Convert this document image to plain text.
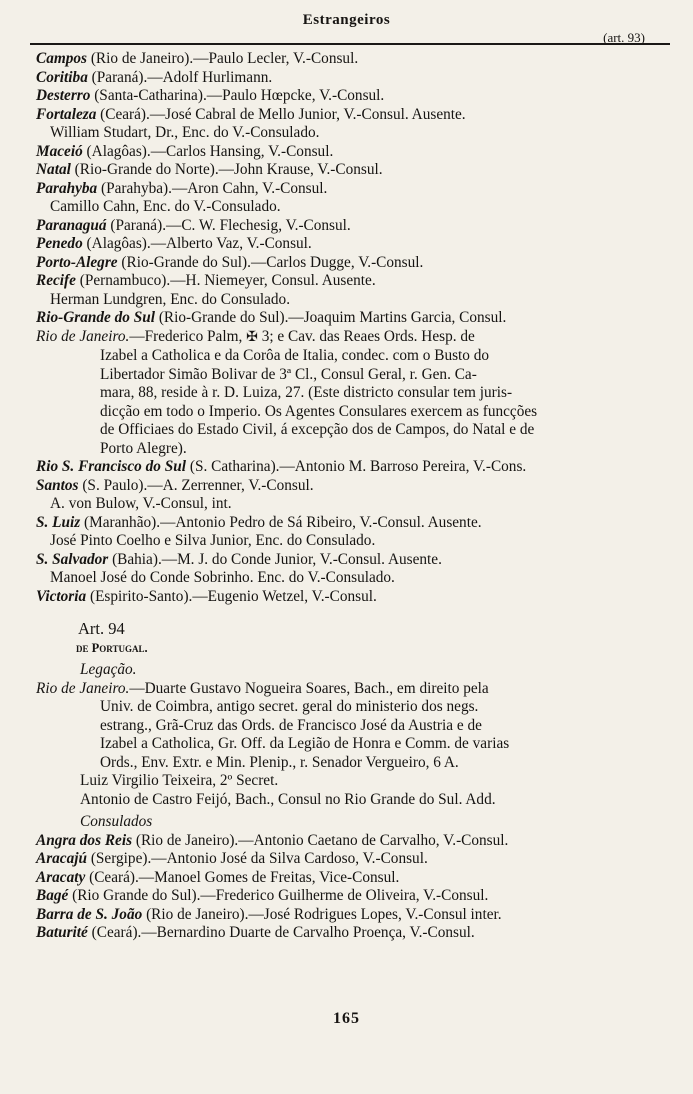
Estrangeiros
(art. 93)
Campos (Rio de Janeiro).—Paulo Lecler, V.-Consul.
Coritiba (Paraná).—Adolf Hurlimann.
Desterro (Santa-Catharina).—Paulo Hœpcke, V.-Consul.
Fortaleza (Ceará).—José Cabral de Mello Junior, V.-Consul. Ausente.
William Studart, Dr., Enc. do V.-Consulado.
Maceió (Alagôas).—Carlos Hansing, V.-Consul.
Natal (Rio-Grande do Norte).—John Krause, V.-Consul.
Parahyba (Parahyba).—Aron Cahn, V.-Consul.
Camillo Cahn, Enc. do V.-Consulado.
Paranaguá (Paraná).—C. W. Flechesig, V.-Consul.
Penedo (Alagôas).—Alberto Vaz, V.-Consul.
Porto-Alegre (Rio-Grande do Sul).—Carlos Dugge, V.-Consul.
Recife (Pernambuco).—H. Niemeyer, Consul. Ausente.
Herman Lundgren, Enc. do Consulado.
Rio-Grande do Sul (Rio-Grande do Sul).—Joaquim Martins Garcia, Consul.
Rio de Janeiro.—Frederico Palm, ✠ 3; e Cav. das Reaes Ords. Hesp. de
Izabel a Catholica e da Corôa de Italia, condec. com o Busto do
Libertador Simão Bolivar de 3ª Cl., Consul Geral, r. Gen. Ca-
mara, 88, reside à r. D. Luiza, 27. (Este districto consular tem juris-
dicção em todo o Imperio. Os Agentes Consulares exercem as funcções
de Officiaes do Estado Civil, á excepção dos de Campos, do Natal e de
Porto Alegre).
Rio S. Francisco do Sul (S. Catharina).—Antonio M. Barroso Pereira, V.-Cons.
Santos (S. Paulo).—A. Zerrenner, V.-Consul.
A. von Bulow, V.-Consul, int.
S. Luiz (Maranhão).—Antonio Pedro de Sá Ribeiro, V.-Consul. Ausente.
José Pinto Coelho e Silva Junior, Enc. do Consulado.
S. Salvador (Bahia).—M. J. do Conde Junior, V.-Consul. Ausente.
Manoel José do Conde Sobrinho. Enc. do V.-Consulado.
Victoria (Espirito-Santo).—Eugenio Wetzel, V.-Consul.
Art. 94
de Portugal.
Legação.
Rio de Janeiro.—Duarte Gustavo Nogueira Soares, Bach., em direito pela
Univ. de Coimbra, antigo secret. geral do ministerio dos negs.
estrang., Grã-Cruz das Ords. de Francisco José da Austria e de
Izabel a Catholica, Gr. Off. da Legião de Honra e Comm. de varias
Ords., Env. Extr. e Min. Plenip., r. Senador Vergueiro, 6 A.
Luiz Virgilio Teixeira, 2º Secret.
Antonio de Castro Feijó, Bach., Consul no Rio Grande do Sul. Add.
Consulados
Angra dos Reis (Rio de Janeiro).—Antonio Caetano de Carvalho, V.-Consul.
Aracajú (Sergipe).—Antonio José da Silva Cardoso, V.-Consul.
Aracaty (Ceará).—Manoel Gomes de Freitas, Vice-Consul.
Bagé (Rio Grande do Sul).—Frederico Guilherme de Oliveira, V.-Consul.
Barra de S. João (Rio de Janeiro).—José Rodrigues Lopes, V.-Consul inter.
Baturité (Ceará).—Bernardino Duarte de Carvalho Proença, V.-Consul.
165
